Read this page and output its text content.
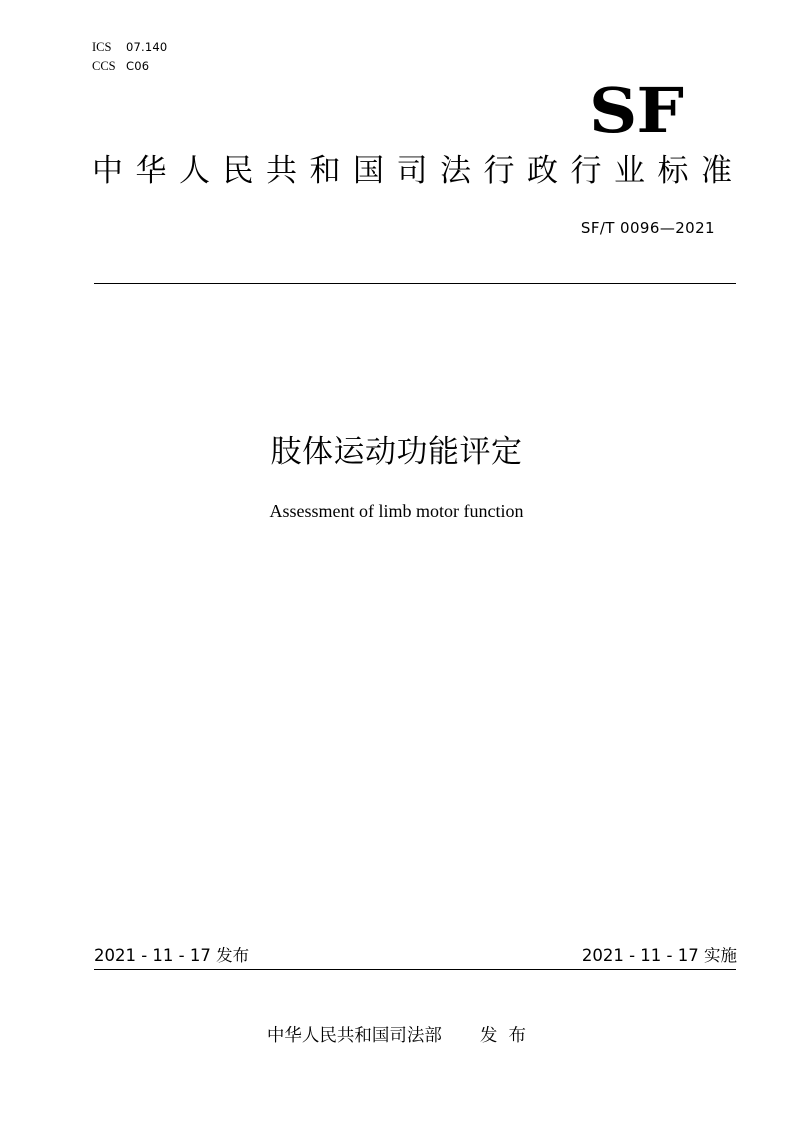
ICS	07.140
CCS C06
SF
中华人民共和国司法行政行业标准
SF/T 0096—2021
肢体运动功能评定
Assessment of limb motor function
2021 - 11 - 17 发布	2021 - 11 - 17 实施
中华人民共和国司法部 发  布
